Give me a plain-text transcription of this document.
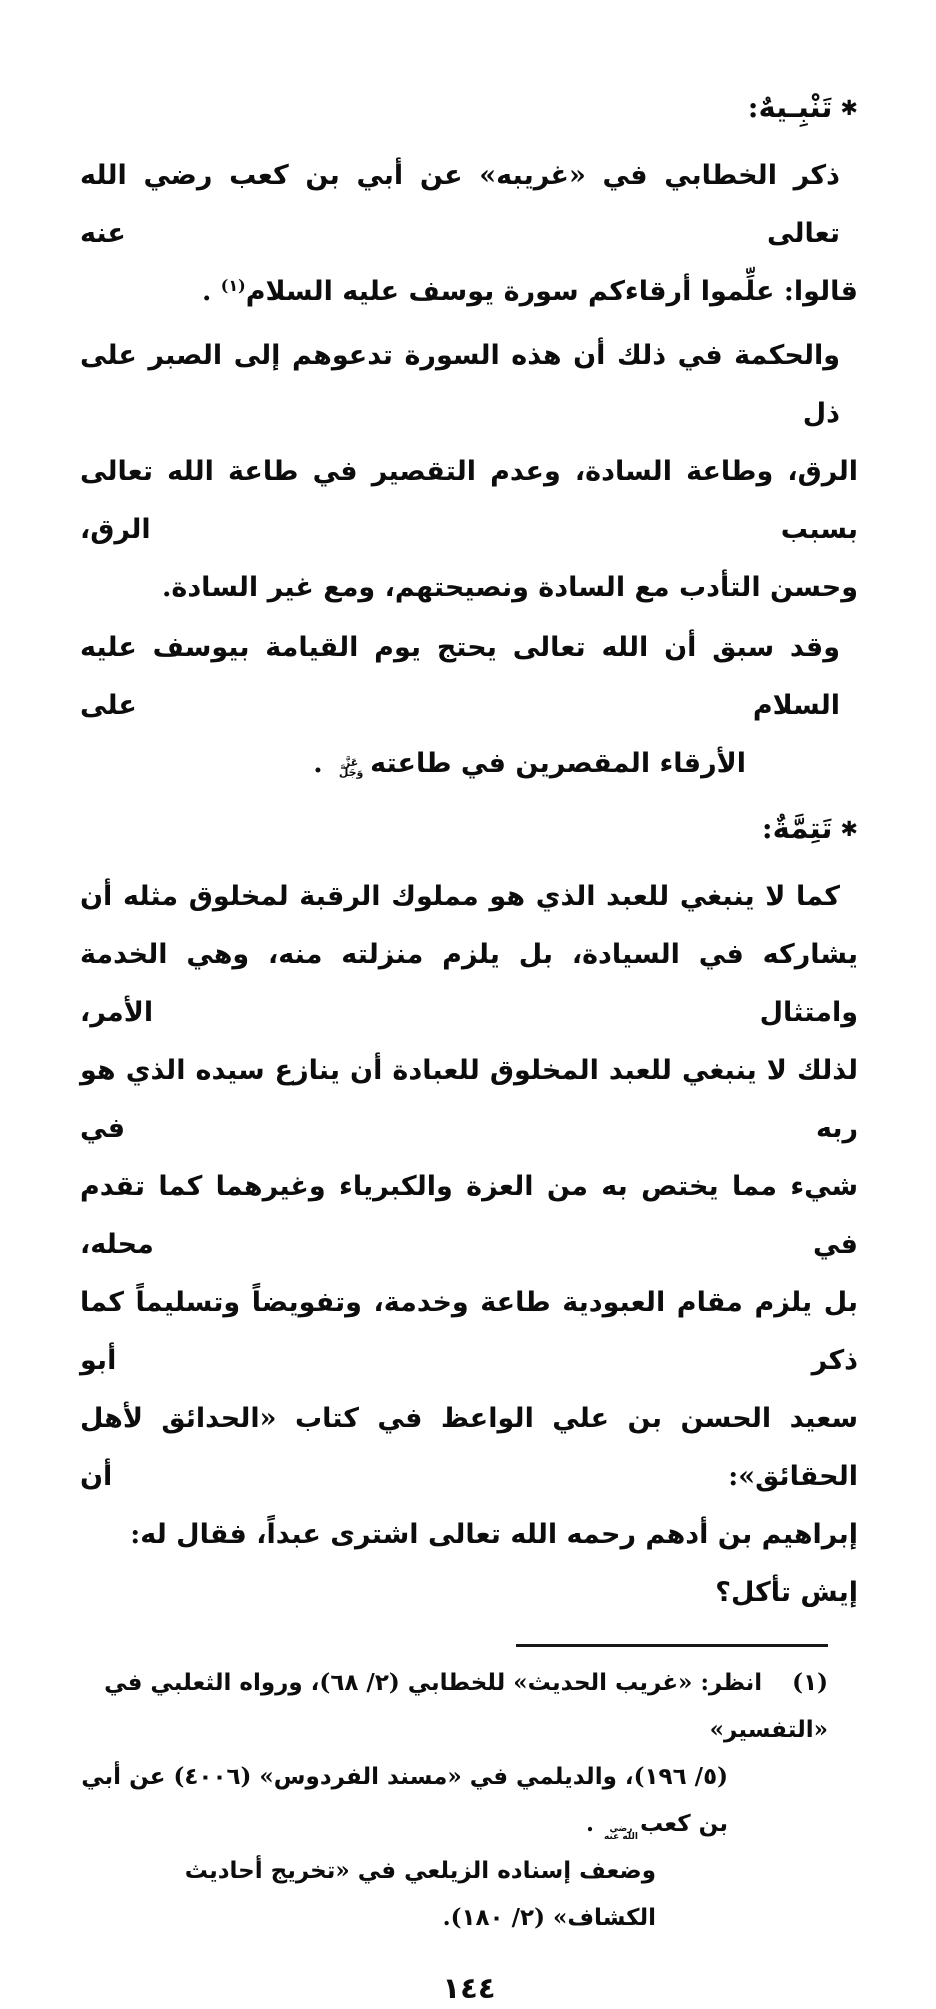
✱تَنْبِـيهٌ:
ذكر الخطابي في «غريبه» عن أبي بن كعب رضي الله تعالى عنه
قالوا: علِّموا أرقاءكم سورة يوسف عليه السلام$^{(١)}$ .
والحكمة في ذلك أن هذه السورة تدعوهم إلى الصبر على ذل
الرق، وطاعة السادة، وعدم التقصير في طاعة الله تعالى بسبب الرق،
وحسن التأدب مع السادة ونصيحتهم، ومع غير السادة.
وقد سبق أن الله تعالى يحتج يوم القيامة بيوسف عليه السلام على
الأرقاء المقصرين في طاعتهعَزَّ وَجَلَّ .
✱تَتِمَّةٌ:
كما لا ينبغي للعبد الذي هو مملوك الرقبة لمخلوق مثله أن
يشاركه في السيادة، بل يلزم منزلته منه، وهي الخدمة وامتثال الأمر،
لذلك لا ينبغي للعبد المخلوق للعبادة أن ينازع سيده الذي هو ربه في
شيء مما يختص به من العزة والكبرياء وغيرهما كما تقدم في محله،
بل يلزم مقام العبودية طاعة وخدمة، وتفويضاً وتسليماً كما ذكر أبو
سعيد الحسن بن علي الواعظ في كتاب «الحدائق لأهل الحقائق»: أن
إبراهيم بن أدهم رحمه الله تعالى اشترى عبداً، فقال له: إيش تأكل؟
(١)انظر: «غريب الحديث» للخطابي (٢/ ٦٨)، ورواه الثعلبي في «التفسير»
(٥/ ١٩٦)، والديلمي في «مسند الفردوس» (٤٠٠٦) عن أبي بن كعبرضي الله عنه .
وضعف إسناده الزيلعي في «تخريج أحاديث الكشاف» (٢/ ١٨٠).
١٤٤
